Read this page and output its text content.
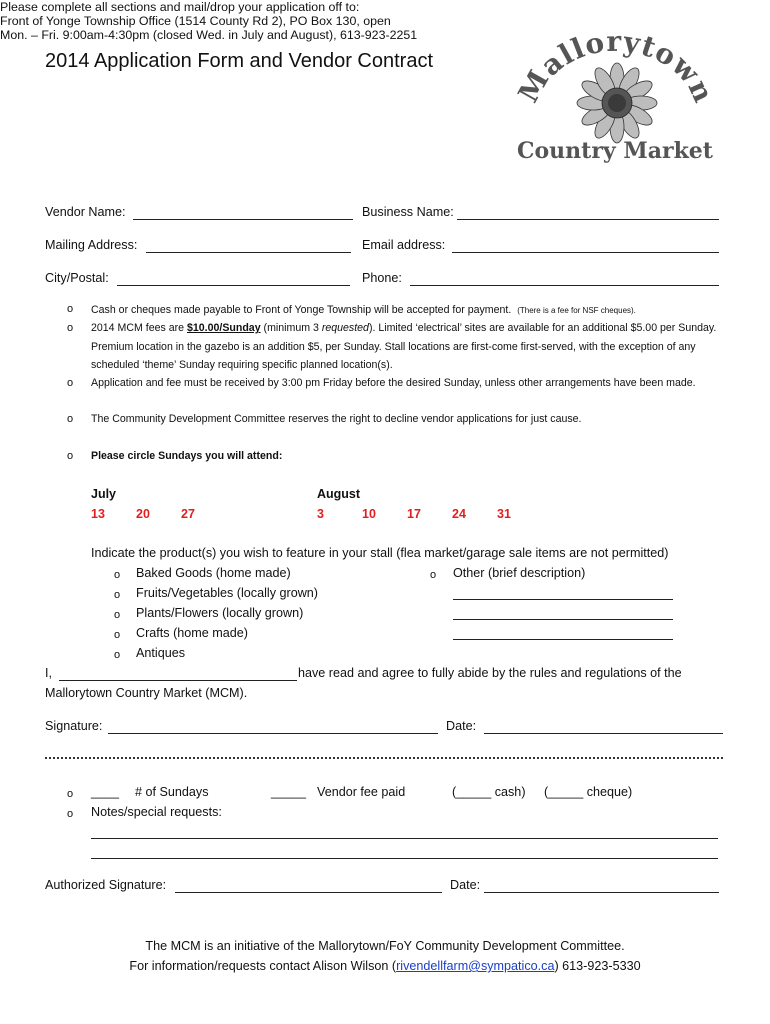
2014 Application Form and Vendor Contract
Please complete all sections and mail/drop your application off to:
Front of Yonge Township Office (1514 County Rd 2), PO Box 130, open
Mon. – Fri. 9:00am-4:30pm (closed Wed. in July and August), 613-923-2251
Mallorytown
Country Market
Vendor Name:	Business Name:
Mailing Address:	Email address:
City/Postal:	Phone:
o Cash or cheques made payable to Front of Yonge Township will be accepted for payment. (There is a fee for NSF cheques).
o 2014 MCM fees are $10.00/Sunday (minimum 3 requested). Limited ‘electrical’ sites are available for an additional $5.00 per Sunday. Premium location in the gazebo is an addition $5, per Sunday. Stall locations are first-come first-served, with the exception of any scheduled ‘theme’ Sunday requiring specific planned location(s).
o Application and fee must be received by 3:00 pm Friday before the desired Sunday, unless other arrangements have been made.
o The Community Development Committee reserves the right to decline vendor applications for just cause.
o Please circle Sundays you will attend:
July
13 20 27
August
3	10 17 24 31
Indicate the product(s) you wish to feature in your stall (flea market/garage sale items are not permitted)
o Baked Goods (home made)
o Fruits/Vegetables (locally grown)
o Plants/Flowers (locally grown)
o Crafts (home made)
o Antiques
o Other (brief description)
I,	have read and agree to fully abide by the rules and regulations of the
Mallorytown Country Market (MCM).
Signature:	Date:
o ____ # of Sundays	_____ Vendor fee paid	(_____ cash) (_____ cheque)
o Notes/special requests:
Authorized Signature:	Date:
The MCM is an initiative of the Mallorytown/FoY Community Development Committee.
For information/requests contact Alison Wilson (rivendellfarm@sympatico.ca) 613-923-5330
